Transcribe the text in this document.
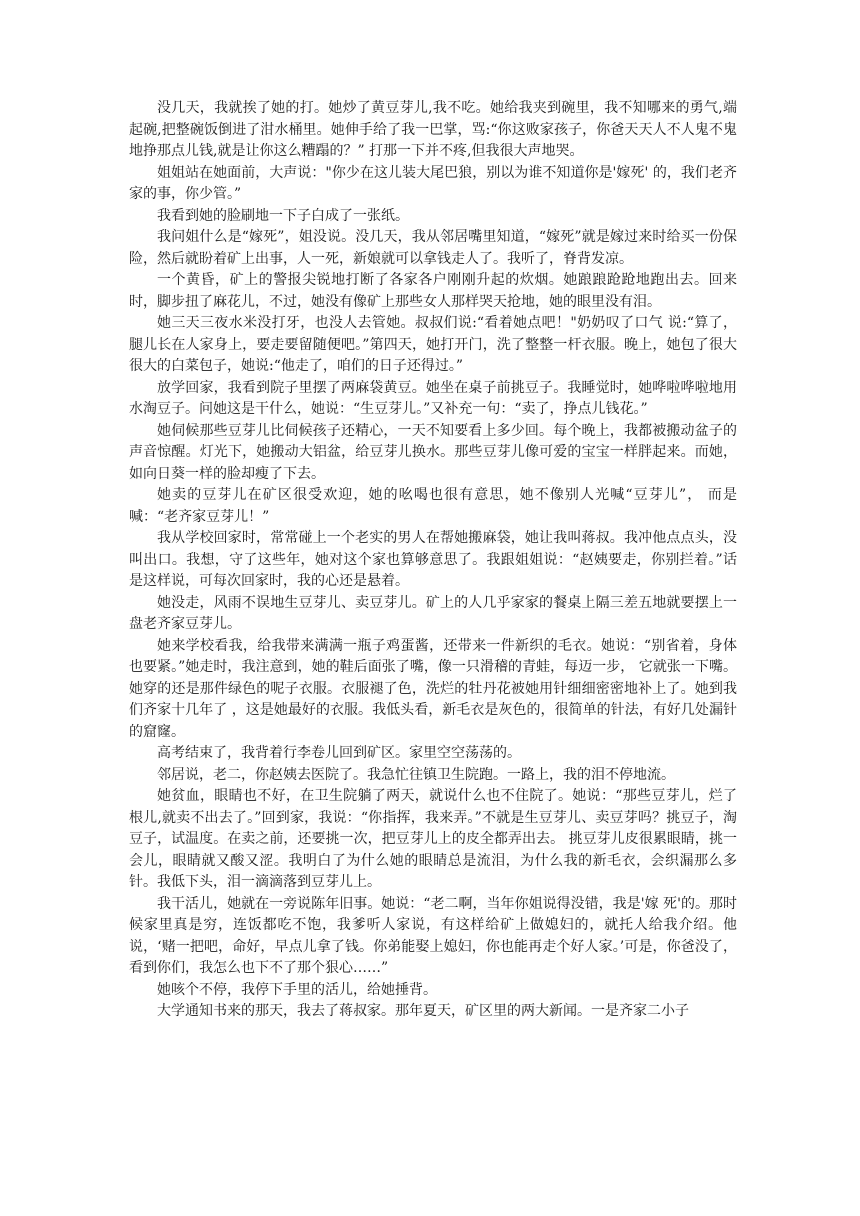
没几天，我就挨了她的打。她炒了黄豆芽儿,我不吃。她给我夹到碗里，我不知哪来的勇气,端起碗,把整碗饭倒进了泔水桶里。她伸手给了我一巴掌，骂:“你这败家孩子，你爸天天人不人鬼不鬼地挣那点儿钱,就是让你这么糟蹋的？” 打那一下并不疼,但我很大声地哭。

姐姐站在她面前，大声说："你少在这儿装大尾巴狼，别以为谁不知道你是'嫁死' 的，我们老齐家的事，你少管。”

我看到她的脸刷地一下子白成了一张纸。

我问姐什么是“嫁死”，姐没说。没几天，我从邻居嘴里知道，“嫁死”就是嫁过来时给买一份保险，然后就盼着矿上出事，人一死，新娘就可以拿钱走人了。我听了，脊背发凉。

一个黄昏，矿上的警报尖锐地打断了各家各户刚刚升起的炊烟。她踉踉跄跄地跑出去。回来时，脚步扭了麻花儿，不过，她没有像矿上那些女人那样哭天抢地，她的眼里没有泪。

她三天三夜水米没打牙，也没人去管她。叔叔们说:“看着她点吧！"奶奶叹了口气 说:“算了，腿儿长在人家身上，要走要留随便吧。”第四天，她打开门，洗了整整一杆衣服。晚上，她包了很大很大的白菜包子，她说:“他走了，咱们的日子还得过。”

放学回家，我看到院子里摆了两麻袋黄豆。她坐在桌子前挑豆子。我睡觉时，她哗啦哗啦地用水淘豆子。问她这是干什么，她说：“生豆芽儿。”又补充一句：“卖了，挣点儿钱花。”

她伺候那些豆芽儿比伺候孩子还精心，一天不知要看上多少回。每个晚上，我都被搬动盆子的声音惊醒。灯光下，她搬动大铝盆，给豆芽儿换水。那些豆芽儿像可爱的宝宝一样胖起来。而她，如向日葵一样的脸却瘦了下去。

她卖的豆芽儿在矿区很受欢迎，她的吆喝也很有意思，她不像别人光喊“豆芽儿”， 而是喊：“老齐家豆芽儿！”

我从学校回家时，常常碰上一个老实的男人在帮她搬麻袋，她让我叫蒋叔。我冲他点点头，没叫出口。我想，守了这些年，她对这个家也算够意思了。我跟姐姐说：“赵姨要走，你别拦着。”话是这样说，可每次回家时，我的心还是悬着。

她没走，风雨不误地生豆芽儿、卖豆芽儿。矿上的人几乎家家的餐桌上隔三差五地就要摆上一盘老齐家豆芽儿。

她来学校看我，给我带来满满一瓶子鸡蛋酱，还带来一件新织的毛衣。她说：“别省着，身体也要紧。”她走时，我注意到，她的鞋后面张了嘴，像一只滑稽的青蛙，每迈一步， 它就张一下嘴。她穿的还是那件绿色的呢子衣服。衣服褪了色，洗烂的牡丹花被她用针细细密密地补上了。她到我们齐家十几年了 ，这是她最好的衣服。我低头看，新毛衣是灰色的，很简单的针法，有好几处漏针的窟窿。

高考结束了，我背着行李卷儿回到矿区。家里空空荡荡的。

邻居说，老二，你赵姨去医院了。我急忙往镇卫生院跑。一路上，我的泪不停地流。

她贫血，眼睛也不好，在卫生院躺了两天，就说什么也不住院了。她说：“那些豆芽儿，烂了根儿,就卖不出去了。”回到家，我说：“你指挥，我来弄。”不就是生豆芽儿、卖豆芽吗？挑豆子，淘豆子，试温度。在卖之前，还要挑一次，把豆芽儿上的皮全都弄出去。 挑豆芽儿皮很累眼睛，挑一会儿，眼睛就又酸又涩。我明白了为什么她的眼睛总是流泪，为什么我的新毛衣，会织漏那么多针。我低下头，泪一滴滴落到豆芽儿上。

我干活儿，她就在一旁说陈年旧事。她说：“老二啊，当年你姐说得没错，我是'嫁 死'的。那时候家里真是穷，连饭都吃不饱，我爹听人家说，有这样给矿上做媳妇的，就托人给我介绍。他说，‘赌一把吧，命好，早点儿拿了钱。你弟能娶上媳妇，你也能再走个好人家。’可是，你爸没了，看到你们，我怎么也下不了那个狠心……”

她咳个不停，我停下手里的活儿，给她捶背。

大学通知书来的那天，我去了蒋叔家。那年夏天，矿区里的两大新闻。一是齐家二小子
